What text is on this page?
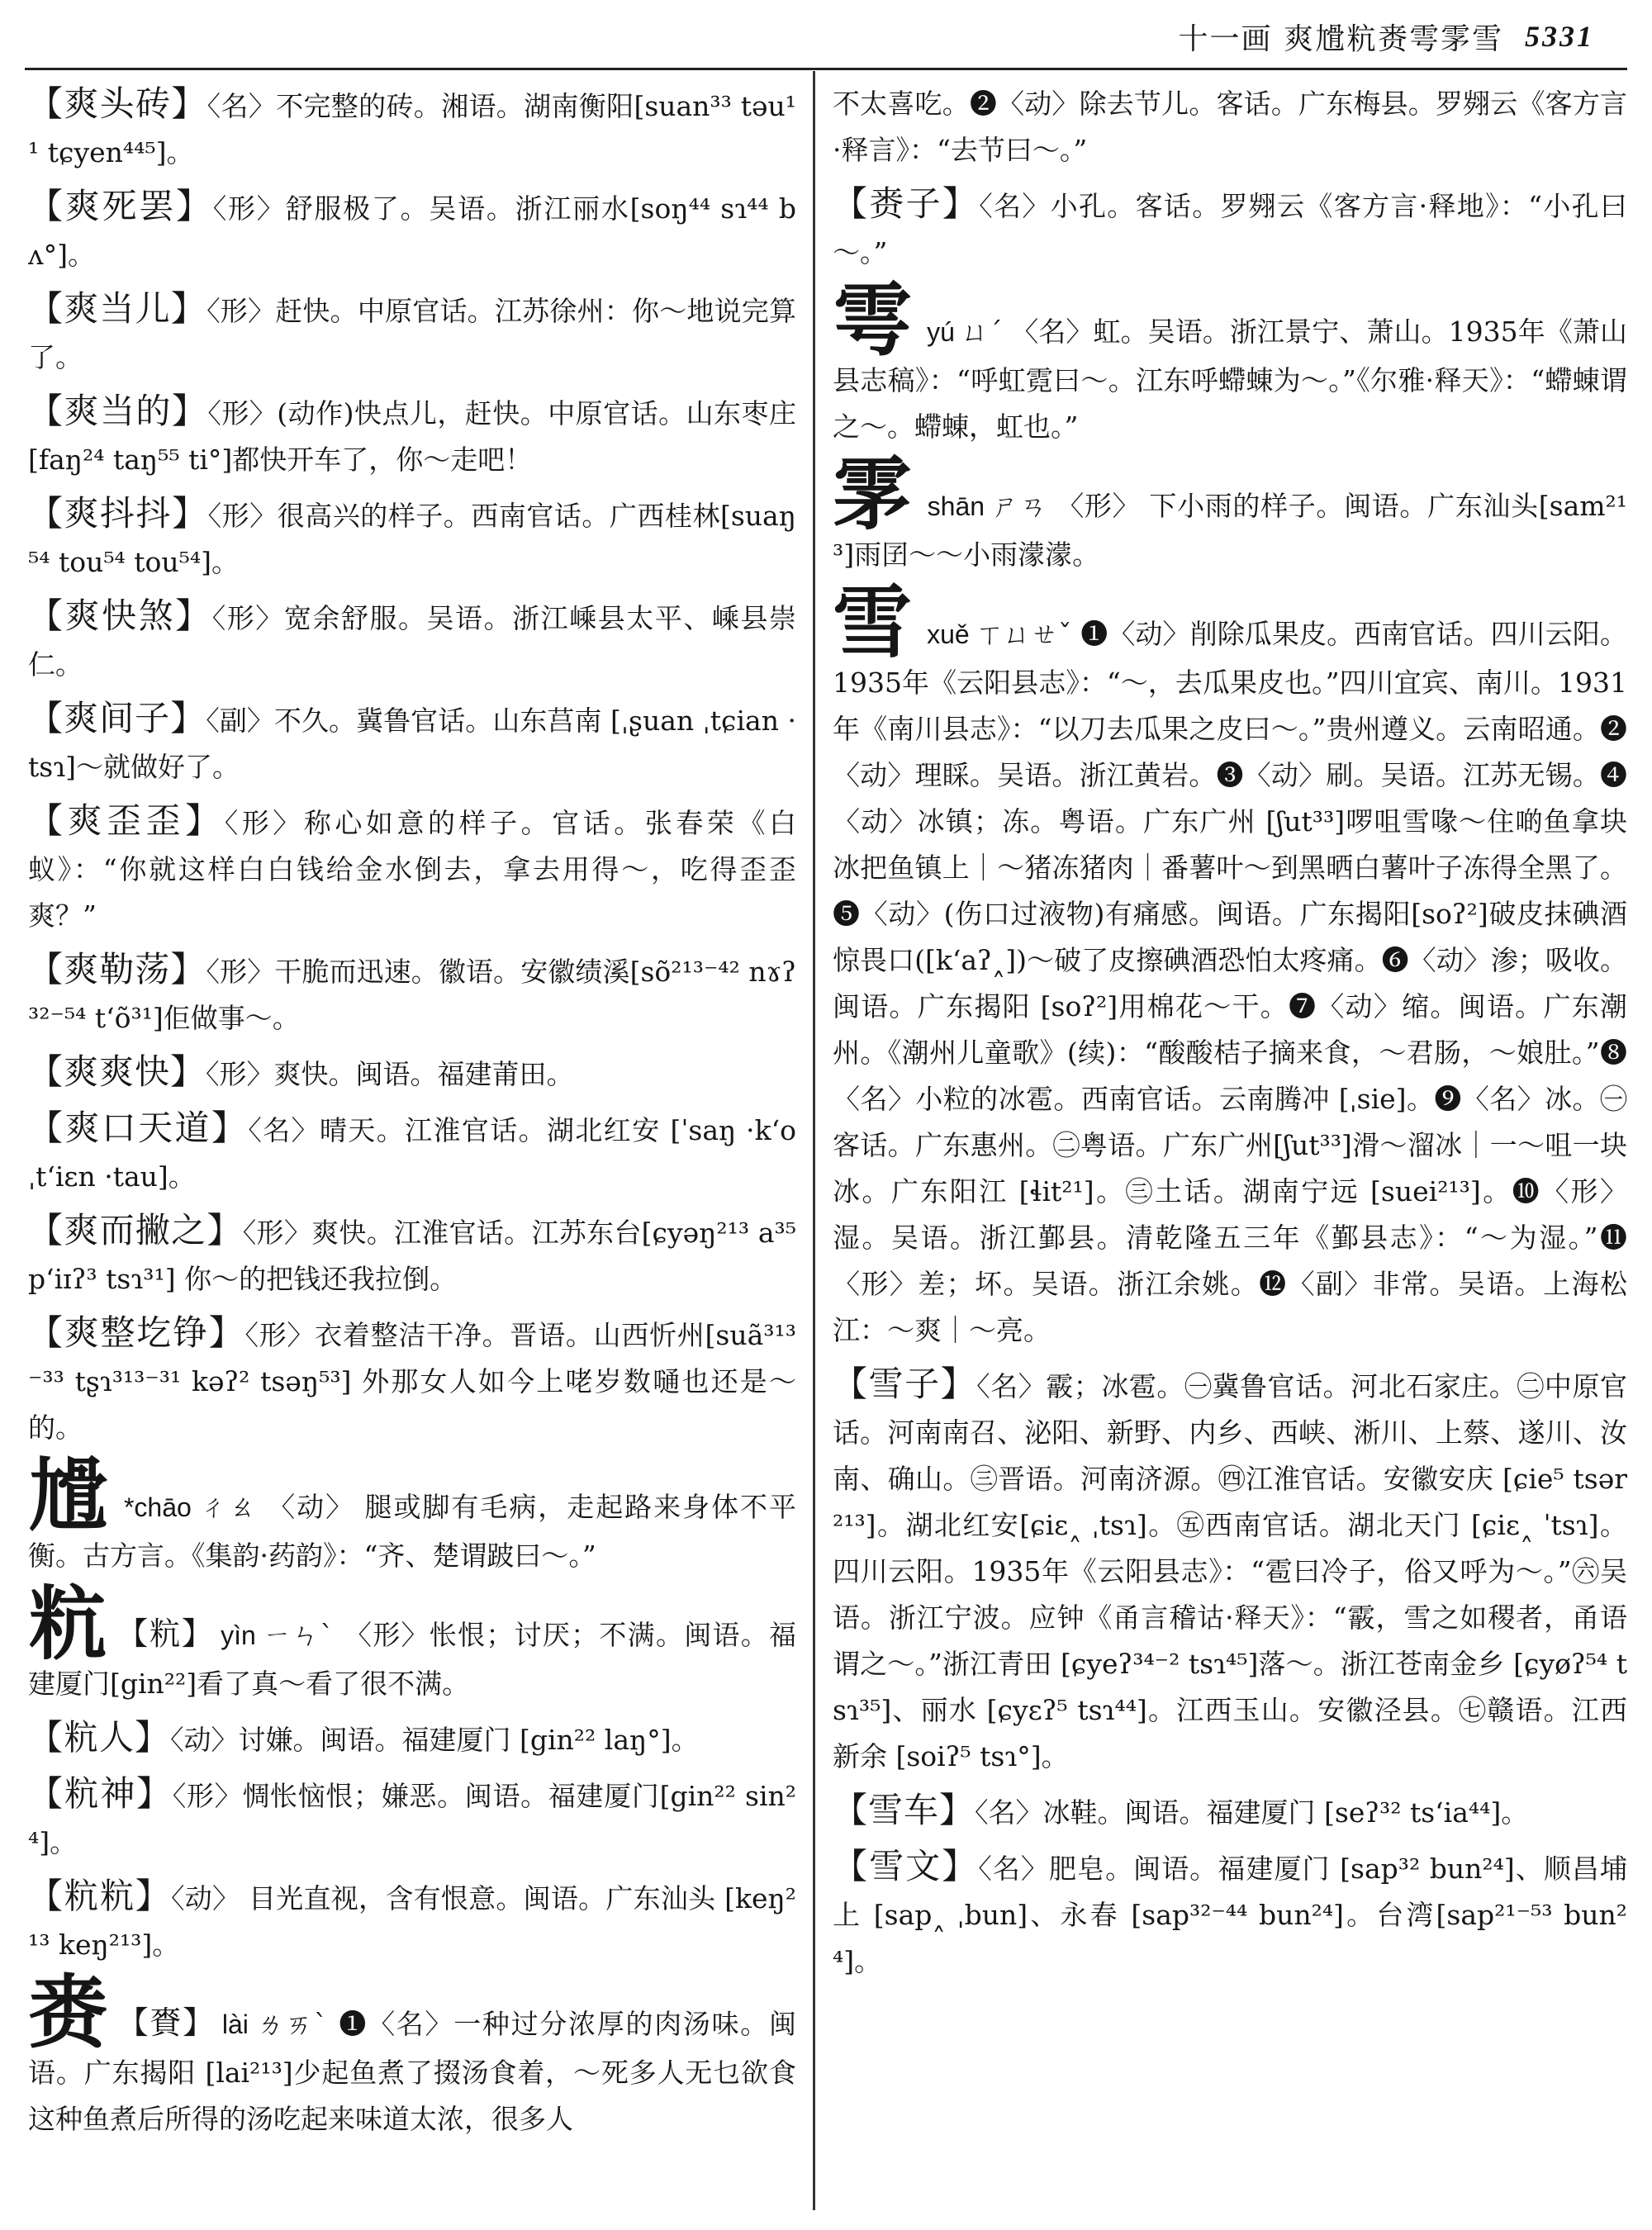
十一画 爽尳粇赉雩雺雪 5331

【爽头砖】〈名〉不完整的砖。湘语。湖南衡阳[suan³³ təu¹¹ tɕyen⁴⁴⁵]。

【爽死罢】〈形〉舒服极了。吴语。浙江丽水[soŋ⁴⁴ sɿ⁴⁴ bʌ°]。

【爽当儿】〈形〉赶快。中原官话。江苏徐州：你～地说完算了。

【爽当的】〈形〉(动作)快点儿，赶快。中原官话。山东枣庄[faŋ²⁴ taŋ⁵⁵ ti°]都快开车了，你～走吧！

【爽抖抖】〈形〉很高兴的样子。西南官话。广西桂林[suaŋ⁵⁴ tou⁵⁴ tou⁵⁴]。

【爽快煞】〈形〉宽余舒服。吴语。浙江嵊县太平、嵊县崇仁。

【爽间子】〈副〉不久。冀鲁官话。山东莒南 [ˌʂuan ˌtɕian ·tsɿ]～就做好了。

【爽歪歪】〈形〉称心如意的样子。官话。张春荣《白蚁》：“你就这样白白钱给金水倒去，拿去用得～，吃得歪歪爽？”

【爽勒荡】〈形〉干脆而迅速。徽语。安徽绩溪[sõ²¹³⁻⁴² nɤʔ³²⁻⁵⁴ t‘õ³¹]佢做事～。

【爽爽快】〈形〉爽快。闽语。福建莆田。

【爽口天道】〈名〉晴天。江淮官话。湖北红安 [ˈsaŋ ·k‘o ˌt‘iɛn ·tau]。

【爽而撇之】〈形〉爽快。江淮官话。江苏东台[ɕyəŋ²¹³ a³⁵ p‘iɪʔ³ tsɿ³¹] 你～的把钱还我拉倒。

【爽整圪铮】〈形〉衣着整洁干净。晋语。山西忻州[suã³¹³⁻³³ tʂɿ³¹³⁻³¹ kəʔ² tsəŋ⁵³] 外那女人如今上咾岁数嗵也还是～的。

尳 *chāo ㄔㄠ 〈动〉 腿或脚有毛病，走起路来身体不平衡。古方言。《集韵·药韵》：“齐、楚谓跛曰～。”

粇 【粇】 yìn ㄧㄣˋ 〈形〉怅恨；讨厌；不满。闽语。福建厦门[gin²²]看了真～看了很不满。

【粇人】〈动〉讨嫌。闽语。福建厦门 [gin²² laŋ°]。

【粇神】〈形〉惆怅恼恨；嫌恶。闽语。福建厦门[gin²² sin²⁴]。

【粇粇】〈动〉 目光直视，含有恨意。闽语。广东汕头 [keŋ²¹³ keŋ²¹³]。

赉 【賚】 lài ㄌㄞˋ ❶〈名〉一种过分浓厚的肉汤味。闽语。广东揭阳 [lai²¹³]少起鱼煮了掇汤食着，～死多人无乜欲食这种鱼煮后所得的汤吃起来味道太浓，很多人

不太喜吃。❷〈动〉除去节儿。客话。广东梅县。罗翙云《客方言·释言》：“去节曰～。”

【赉子】〈名〉小孔。客话。罗翙云《客方言·释地》：“小孔曰～。”

雩yú ㄩˊ 〈名〉虹。吴语。浙江景宁、萧山。1935年《萧山县志稿》：“呼虹霓曰～。江东呼螮蝀为～。”《尔雅·释天》：“螮蝀谓之～。螮蝀，虹也。”

雺shān ㄕㄢ 〈形〉 下小雨的样子。闽语。广东汕头[sam²¹³]雨囝～～小雨濛濛。

雪xuě ㄒㄩㄝˇ ❶〈动〉削除瓜果皮。西南官话。四川云阳。1935年《云阳县志》：“～，去瓜果皮也。”四川宜宾、南川。1931年《南川县志》：“以刀去瓜果之皮曰～。”贵州遵义。云南昭通。❷〈动〉理睬。吴语。浙江黄岩。❸〈动〉刷。吴语。江苏无锡。❹〈动〉冰镇；冻。粤语。广东广州 [ʃut³³]啰咀雪喙～住啲鱼拿块冰把鱼镇上｜～猪冻猪肉｜番薯叶～到黑晒白薯叶子冻得全黑了。❺〈动〉(伤口过液物)有痛感。闽语。广东揭阳[soʔ²]破皮抹碘酒惊畏口([k‘aʔ˰])～破了皮擦碘酒恐怕太疼痛。❻〈动〉渗；吸收。闽语。广东揭阳 [soʔ²]用棉花～干。❼〈动〉缩。闽语。广东潮州。《潮州儿童歌》(续)：“酸酸桔子摘来食，～君肠，～娘肚。”❽〈名〉小粒的冰雹。西南官话。云南腾冲 [ˌsie]。❾〈名〉冰。㊀客话。广东惠州。㊁粤语。广东广州[ʃut³³]滑～溜冰｜一～咀一块冰。广东阳江 [ɬit²¹]。㊂土话。湖南宁远 [suei²¹³]。❿〈形〉湿。吴语。浙江鄞县。清乾隆五三年《鄞县志》：“～为湿。”⓫〈形〉差；坏。吴语。浙江余姚。⓬〈副〉非常。吴语。上海松江：～爽｜～亮。

【雪子】〈名〉霰；冰雹。㊀冀鲁官话。河北石家庄。㊁中原官话。河南南召、泌阳、新野、内乡、西峡、淅川、上蔡、遂川、汝南、确山。㊂晋语。河南济源。㊃江淮官话。安徽安庆 [ɕie⁵ tsər²¹³]。湖北红安[ɕiɛ˰ ˌtsɿ]。㊄西南官话。湖北天门 [ɕiɛ˰ ˈtsɿ]。四川云阳。1935年《云阳县志》：“雹曰冷子，俗又呼为～。”㊅吴语。浙江宁波。应钟《甬言稽诂·释天》：“霰，雪之如稷者，甬语谓之～。”浙江青田 [ɕyeʔ³⁴⁻² tsɿ⁴⁵]落～。浙江苍南金乡 [ɕyøʔ⁵⁴ tsɿ³⁵]、丽水 [ɕyɛʔ⁵ tsɿ⁴⁴]。江西玉山。安徽泾县。㊆赣语。江西新余 [soiʔ⁵ tsɿ°]。

【雪车】〈名〉冰鞋。闽语。福建厦门 [seʔ³² ts‘ia⁴⁴]。

【雪文】〈名〉肥皂。闽语。福建厦门 [sap³² bun²⁴]、顺昌埔上 [sap˰ ˌbun]、永春 [sap³²⁻⁴⁴ bun²⁴]。台湾[sap²¹⁻⁵³ bun²⁴]。
